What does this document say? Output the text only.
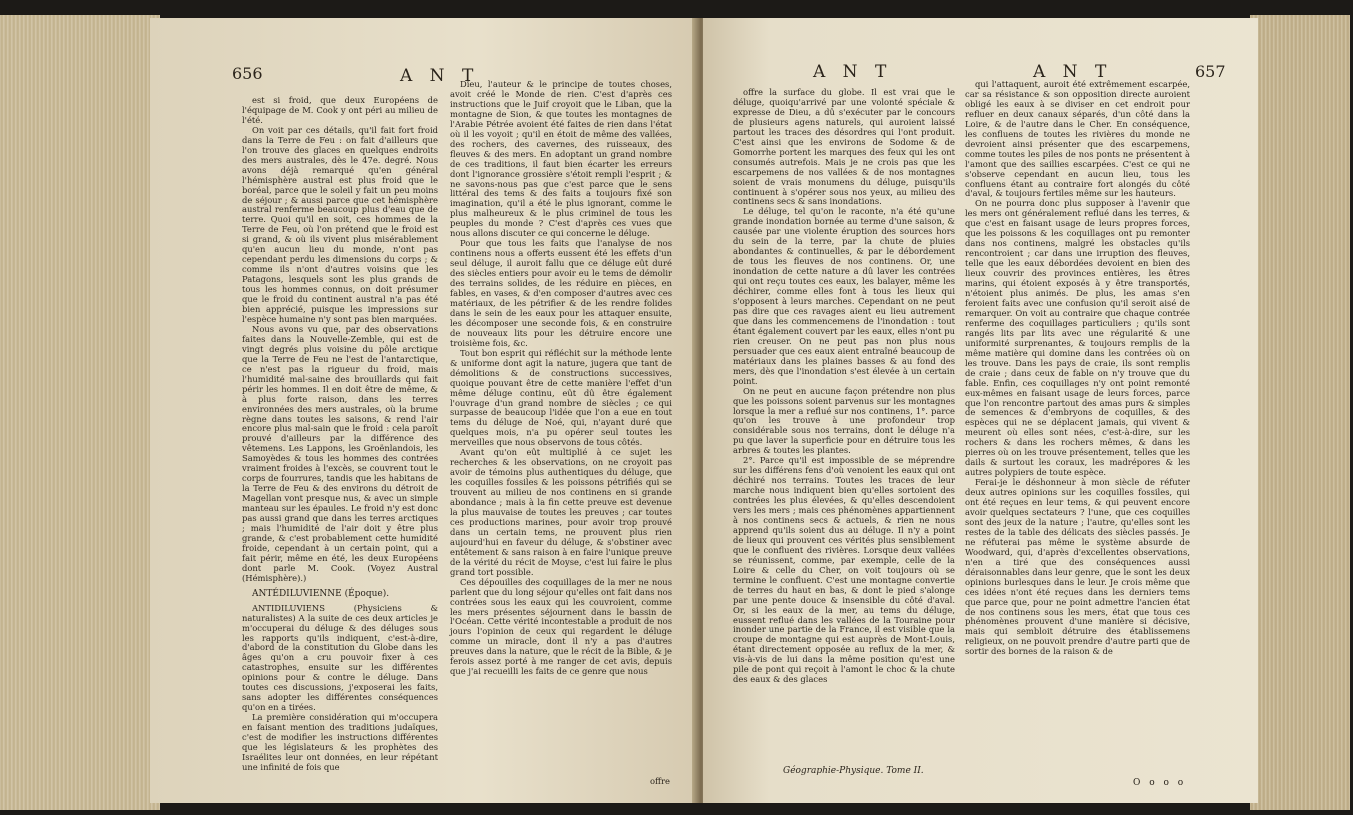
656	A N T

est si froid, que deux Européens de l'équipage de M. Cook y ont péri au milieu de l'été.

On voit par ces détails, qu'il fait fort froid dans la Terre de Feu : on fait d'ailleurs que l'on trouve des glaces en quelques endroits des mers australes, dès le 47e. degré. Nous avons déjà remarqué qu'en général l'hémisphère austral est plus froid que le boréal, parce que le soleil y fait un peu moins de séjour ; & aussi parce que cet hémisphère austral renferme beaucoup plus d'eau que de terre. Quoi qu'il en soit, ces hommes de la Terre de Feu, où l'on prétend que le froid est si grand, & où ils vivent plus misérablement qu'en aucun lieu du monde, n'ont pas cependant perdu les dimensions du corps ; & comme ils n'ont d'autres voisins que les Patagons, lesquels sont les plus grands de tous les hommes connus, on doit présumer que le froid du continent austral n'a pas été bien apprécié, puisque les impressions sur l'espèce humaine n'y sont pas bien marquées.

Nous avons vu que, par des observations faites dans la Nouvelle-Zemble, qui est de vingt degrés plus voisine du pôle arctique que la Terre de Feu ne l'est de l'antarctique, ce n'est pas la rigueur du froid, mais l'humidité mal-saine des brouillards qui fait périr les hommes. Il en doit être de même, & à plus forte raison, dans les terres environnées des mers australes, où la brume règne dans toutes les saisons, & rend l'air encore plus mal-sain que le froid : cela paroît prouvé d'ailleurs par la différence des vêtemens. Les Lappons, les Groënlandois, les Samoyèdes & tous les hommes des contrées vraiment froides à l'excès, se couvrent tout le corps de fourrures, tandis que les habitans de la Terre de Feu & des environs du détroit de Magellan vont presque nus, & avec un simple manteau sur les épaules. Le froid n'y est donc pas aussi grand que dans les terres arctiques ; mais l'humidité de l'air doit y être plus grande, & c'est probablement cette humidité froide, cependant à un certain point, qui a fait périr, même en été, les deux Européens dont parle M. Cook. (Voyez Austral (Hémisphère).)

ANTÉDILUVIENNE (Époque).

ANTIDILUVIENS (Physiciens & naturalistes) A la suite de ces deux articles je m'occuperai du déluge & des déluges sous les rapports qu'ils indiquent, c'est-à-dire, d'abord de la constitution du Globe dans les âges qu'on a cru pouvoir fixer à ces catastrophes, ensuite sur les différentes opinions pour & contre le déluge. Dans toutes ces discussions, j'exposerai les faits, sans adopter les différentes conséquences qu'on en a tirées.

La première considération qui m'occupera en faisant mention des traditions judaïques, c'est de modifier les instructions différentes que les législateurs & les prophètes des Israélites leur ont données, en leur répétant une infinité de fois que

Dieu, l'auteur & le principe de toutes choses, avoit créé le Monde de rien. C'est d'après ces instructions que le Juif croyoit que le Liban, que la montagne de Sion, & que toutes les montagnes de l'Arabie Pétrée avoient été faites de rien dans l'état où il les voyoit ; qu'il en étoit de même des vallées, des rochers, des cavernes, des ruisseaux, des fleuves & des mers. En adoptant un grand nombre de ces traditions, il faut bien écarter les erreurs dont l'ignorance grossière s'étoit rempli l'esprit ; & ne savons-nous pas que c'est parce que le sens littéral des tems & des faits a toujours fixé son imagination, qu'il a été le plus ignorant, comme le plus malheureux & le plus criminel de tous les peuples du monde ? C'est d'après ces vues que nous allons discuter ce qui concerne le déluge.

Pour que tous les faits que l'analyse de nos continens nous a offerts eussent été les effets d'un seul déluge, il auroit fallu que ce déluge eût duré des siècles entiers pour avoir eu le tems de démolir des terrains solides, de les réduire en pièces, en fables, en vases, & d'en composer d'autres avec ces matériaux, de les pétrifier & de les rendre folides dans le sein de les eaux pour les attaquer ensuite, les décomposer une seconde fois, & en construire de nouveaux lits pour les détruire encore une troisième fois, &c.

Tout bon esprit qui réfléchit sur la méthode lente & uniforme dont agit la nature, jugera que tant de démolitions & de constructions successives, quoique pouvant être de cette manière l'effet d'un même déluge continu, eût dû être également l'ouvrage d'un grand nombre de siècles ; ce qui surpasse de beaucoup l'idée que l'on a eue en tout tems du déluge de Noé, qui, n'ayant duré que quelques mois, n'a pu opérer seul toutes les merveilles que nous observons de tous côtés.

Avant qu'on eût multiplié à ce sujet les recherches & les observations, on ne croyoit pas avoir de témoins plus authentiques du déluge, que les coquilles fossiles & les poissons pétrifiés qui se trouvent au milieu de nos continens en si grande abondance ; mais à la fin cette preuve est devenue la plus mauvaise de toutes les preuves ; car toutes ces productions marines, pour avoir trop prouvé dans un certain tems, ne prouvent plus rien aujourd'hui en faveur du déluge, & s'obstiner avec entêtement & sans raison à en faire l'unique preuve de la vérité du récit de Moyse, c'est lui faire le plus grand tort possible.

Ces dépouilles des coquillages de la mer ne nous parlent que du long séjour qu'elles ont fait dans nos contrées sous les eaux qui les couvroient, comme les mers présentes séjournent dans le bassin de l'Océan. Cette vérité incontestable a produit de nos jours l'opinion de ceux qui regardent le déluge comme un miracle, dont il n'y a pas d'autres preuves dans la nature, que le récit de la Bible, & je ferois assez porté à me ranger de cet avis, depuis que j'ai recueilli les faits de ce genre que nous

offre
A N T	A N T	657

offre la surface du globe. Il est vrai que le déluge, quoiqu'arrivé par une volonté spéciale & expresse de Dieu, a dû s'exécuter par le concours de plusieurs agens naturels, qui auroient laissé partout les traces des désordres qui l'ont produit. C'est ainsi que les environs de Sodome & de Gomorrhe portent les marques des feux qui les ont consumés autrefois. Mais je ne crois pas que les escarpemens de nos vallées & de nos montagnes soient de vrais monumens du déluge, puisqu'ils continuent à s'opérer sous nos yeux, au milieu des continens secs & sans inondations.

Le déluge, tel qu'on le raconte, n'a été qu'une grande inondation bornée au terme d'une saison, & causée par une violente éruption des sources hors du sein de la terre, par la chute de pluies abondantes & continuelles, & par le débordement de tous les fleuves de nos continens. Or, une inondation de cette nature a dû laver les contrées qui ont reçu toutes ces eaux, les balayer, même les déchirer, comme elles font à tous les lieux qui s'opposent à leurs marches. Cependant on ne peut pas dire que ces ravages aient eu lieu autrement que dans les commencemens de l'inondation : tout étant également couvert par les eaux, elles n'ont pu rien creuser. On ne peut pas non plus nous persuader que ces eaux aient entraîné beaucoup de matériaux dans les plaines basses & au fond des mers, dès que l'inondation s'est élevée à un certain point.

On ne peut en aucune façon prétendre non plus que les poissons soient parvenus sur les montagnes lorsque la mer a reflué sur nos continens, 1°. parce qu'on les trouve à une profondeur trop considérable sous nos terrains, dont le déluge n'a pu que laver la superficie pour en détruire tous les arbres & toutes les plantes.

2°. Parce qu'il est impossible de se méprendre sur les différens fens d'où venoient les eaux qui ont déchiré nos terrains. Toutes les traces de leur marche nous indiquent bien qu'elles sortoient des contrées les plus élevées, & qu'elles descendoient vers les mers ; mais ces phénomènes appartiennent à nos continens secs & actuels, & rien ne nous apprend qu'ils soient dus au déluge. Il n'y a point de lieux qui prouvent ces vérités plus sensiblement que le confluent des rivières. Lorsque deux vallées se réunissent, comme, par exemple, celle de la Loire & celle du Cher, on voit toujours où se termine le confluent. C'est une montagne convertie de terres du haut en bas, & dont le pied s'alonge par une pente douce & insensible du côté d'aval. Or, si les eaux de la mer, au tems du déluge, eussent reflué dans les vallées de la Touraine pour inonder une partie de la France, il est visible que la croupe de montagne qui est auprès de Mont-Louis, étant directement opposée au reflux de la mer, & vis-à-vis de lui dans la même position qu'est une pile de pont qui reçoit à l'amont le choc & la chute des eaux & des glaces

qui l'attaquent, auroit été extrêmement escarpée, car sa résistance & son opposition directe auroient obligé les eaux à se diviser en cet endroit pour refluer en deux canaux séparés, d'un côté dans la Loire, & de l'autre dans le Cher. En conséquence, les confluens de toutes les rivières du monde ne devroient ainsi présenter que des escarpemens, comme toutes les piles de nos ponts ne présentent à l'amont que des saillies escarpées. C'est ce qui ne s'observe cependant en aucun lieu, tous les confluens étant au contraire fort alongés du côté d'aval, & toujours fertiles même sur les hauteurs.

On ne pourra donc plus supposer à l'avenir que les mers ont généralement reflué dans les terres, & que c'est en faisant usage de leurs propres forces, que les poissons & les coquillages ont pu remonter dans nos continens, malgré les obstacles qu'ils rencontroient ; car dans une irruption des fleuves, telle que les eaux débordées devoient en bien des lieux couvrir des provinces entières, les êtres marins, qui étoient exposés à y être transportés, n'étoient plus animés. De plus, les amas s'en feroient faits avec une confusion qu'il seroit aisé de remarquer. On voit au contraire que chaque contrée renferme des coquillages particuliers ; qu'ils sont rangés lits par lits avec une régularité & une uniformité surprenantes, & toujours remplis de la même matière qui domine dans les contrées où on les trouve. Dans les pays de craie, ils sont remplis de craie ; dans ceux de fable on n'y trouve que du fable. Enfin, ces coquillages n'y ont point remonté eux-mêmes en faisant usage de leurs forces, parce que l'on rencontre partout des amas purs & simples de semences & d'embryons de coquilles, & des espèces qui ne se déplacent jamais, qui vivent & meurent où elles sont nées, c'est-à-dire, sur les rochers & dans les rochers mêmes, & dans les pierres où on les trouve présentement, telles que les dails & surtout les coraux, les madrépores & les autres polypiers de toute espèce.

Ferai-je le déshonneur à mon siècle de réfuter deux autres opinions sur les coquilles fossiles, qui ont été reçues en leur tems, & qui peuvent encore avoir quelques sectateurs ? l'une, que ces coquilles sont des jeux de la nature ; l'autre, qu'elles sont les restes de la table des délicats des siècles passés. Je ne réfuterai pas même le système absurde de Woodward, qui, d'après d'excellentes observations, n'en a tiré que des conséquences aussi déraisonnables dans leur genre, que le sont les deux opinions burlesques dans le leur. Je crois même que ces idées n'ont été reçues dans les derniers tems que parce que, pour ne point admettre l'ancien état de nos continens sous les mers, état que tous ces phénomènes prouvent d'une manière si décisive, mais qui sembloit détruire des établissemens religieux, on ne pouvoit prendre d'autre parti que de sortir des bornes de la raison & de

Géographie-Physique. Tome II.
O o o o
